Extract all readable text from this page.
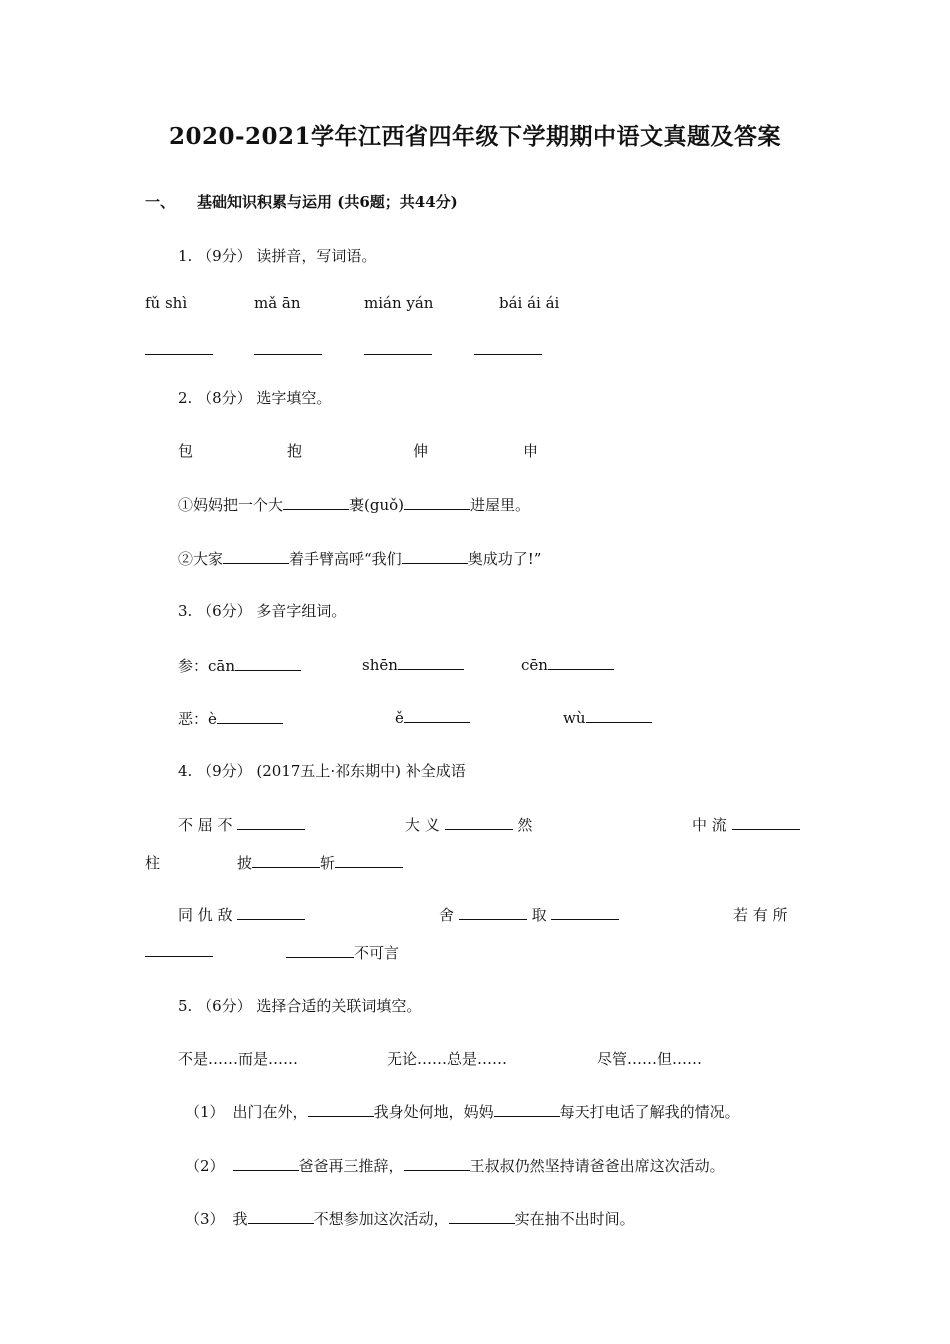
2020-2021学年江西省四年级下学期期中语文真题及答案
一、 基础知识积累与运用 (共6题；共44分)
1. （9分） 读拼音，写词语。
fǔ shì	mǎ ān	mián yán	bái ái ái
2. （8分） 选字填空。
包	抱	伸	申
①妈妈把一个大	裹(guǒ)	进屋里。
②大家	着手臂高呼“我们	奥成功了!”
3. （6分） 多音字组词。
参：cān	shēn	cēn
恶：è	ě	wù
4. （9分） (2017五上·祁东期中) 补全成语
不 屈 不	大 义	然	中 流
柱	披	斩
同 仇 敌	舍	取	若 有 所
不可言
5. （6分） 选择合适的关联词填空。
不是……而是……	无论……总是……	尽管……但……
（1） 出门在外，	我身处何地，妈妈	每天打电话了解我的情况。
（2）	爸爸再三推辞，	王叔叔仍然坚持请爸爸出席这次活动。
（3） 我	不想参加这次活动，	实在抽不出时间。
